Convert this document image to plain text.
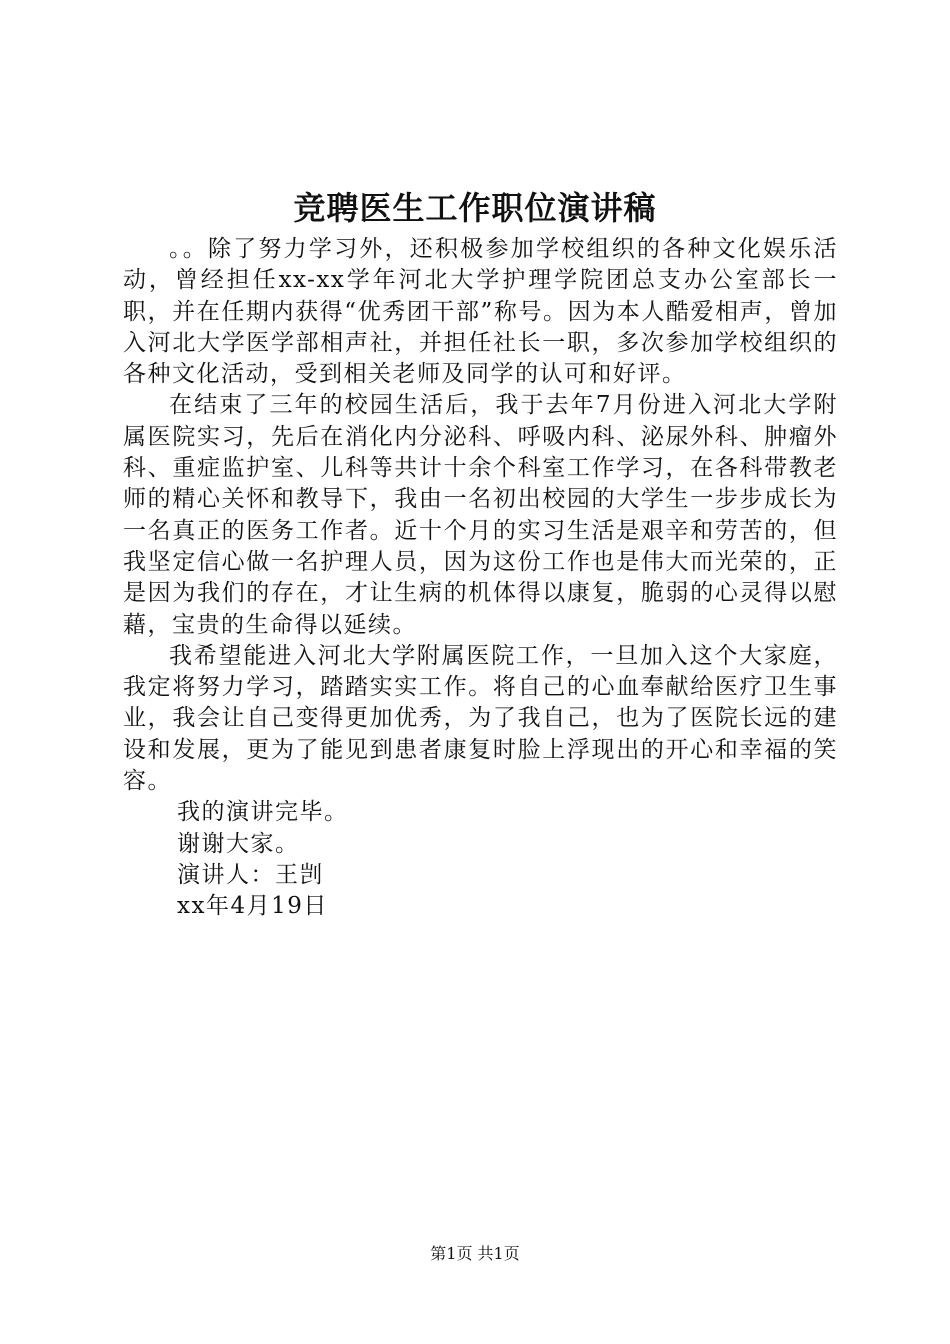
竞聘医生工作职位演讲稿

。。除了努力学习外，还积极参加学校组织的各种文化娱乐活动，曾经担任xx-xx学年河北大学护理学院团总支办公室部长一职，并在任期内获得“优秀团干部”称号。因为本人酷爱相声，曾加入河北大学医学部相声社，并担任社长一职，多次参加学校组织的各种文化活动，受到相关老师及同学的认可和好评。

在结束了三年的校园生活后，我于去年7月份进入河北大学附属医院实习，先后在消化内分泌科、呼吸内科、泌尿外科、肿瘤外科、重症监护室、儿科等共计十余个科室工作学习，在各科带教老师的精心关怀和教导下，我由一名初出校园的大学生一步步成长为一名真正的医务工作者。近十个月的实习生活是艰辛和劳苦的，但我坚定信心做一名护理人员，因为这份工作也是伟大而光荣的，正是因为我们的存在，才让生病的机体得以康复，脆弱的心灵得以慰藉，宝贵的生命得以延续。

我希望能进入河北大学附属医院工作，一旦加入这个大家庭，我定将努力学习，踏踏实实工作。将自己的心血奉献给医疗卫生事业，我会让自己变得更加优秀，为了我自己，也为了医院长远的建设和发展，更为了能见到患者康复时脸上浮现出的开心和幸福的笑容。

我的演讲完毕。

谢谢大家。

演讲人：王剀

xx年4月19日

第1页 共1页
